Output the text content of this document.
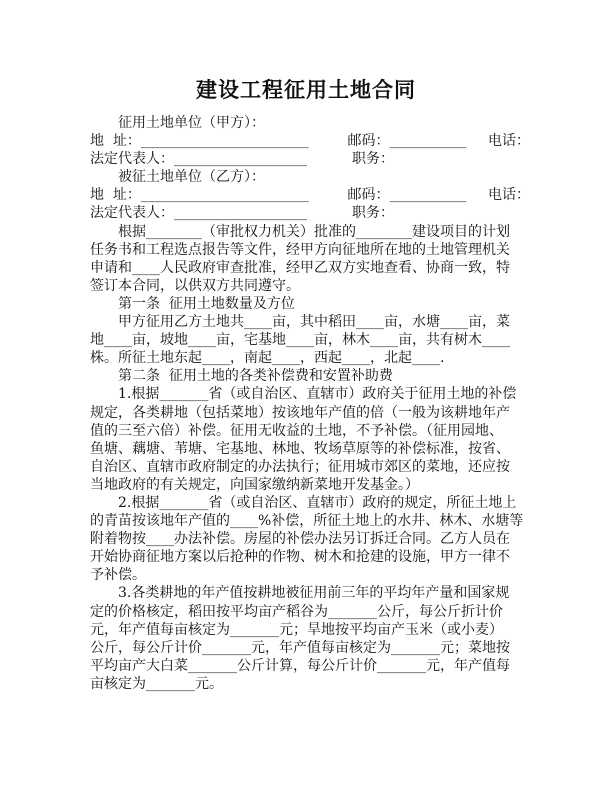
建设工程征用土地合同
征用土地单位（甲方）：
地  址：________________________	邮码：___________	电话：
法定代表人：___________________	职务：
被征土地单位（乙方）：
地  址：________________________	邮码：___________	电话：
法定代表人：___________________	职务：
根据________（审批权力机关）批准的________建设项目的计划
任务书和工程选点报告等文件，经甲方向征地所在地的土地管理机关
申请和____人民政府审查批准，经甲乙双方实地查看、协商一致，特
签订本合同，以供双方共同遵守。
第一条  征用土地数量及方位
甲方征用乙方土地共____亩，其中稻田____亩，水塘____亩，菜
地____亩，坡地____亩，宅基地____亩，林木____亩，共有树木____
株。所征土地东起____，南起____，西起____，北起____.
第二条  征用土地的各类补偿费和安置补助费
1.根据_______省（或自治区、直辖市）政府关于征用土地的补偿
规定，各类耕地（包括菜地）按该地年产值的倍（一般为该耕地年产
值的三至六倍）补偿。征用无收益的土地，不予补偿。（征用园地、
鱼塘、藕塘、苇塘、宅基地、林地、牧场草原等的补偿标准，按省、
自治区、直辖市政府制定的办法执行；征用城市郊区的菜地，还应按
当地政府的有关规定，向国家缴纳新菜地开发基金。）
2.根据_______省（或自治区、直辖市）政府的规定，所征土地上
的青苗按该地年产值的____%补偿，所征土地上的水井、林木、水塘等
附着物按____办法补偿。房屋的补偿办法另订拆迁合同。乙方人员在
开始协商征地方案以后抢种的作物、树木和抢建的设施，甲方一律不
予补偿。
3.各类耕地的年产值按耕地被征用前三年的平均年产量和国家规
定的价格核定，稻田按平均亩产稻谷为_______公斤，每公斤折计价
元，年产值每亩核定为_______元；旱地按平均亩产玉米（或小麦）
公斤，每公斤计价_______元，年产值每亩核定为_______元；菜地按
平均亩产大白菜_______公斤计算，每公斤计价_______元，年产值每
亩核定为_______元。
